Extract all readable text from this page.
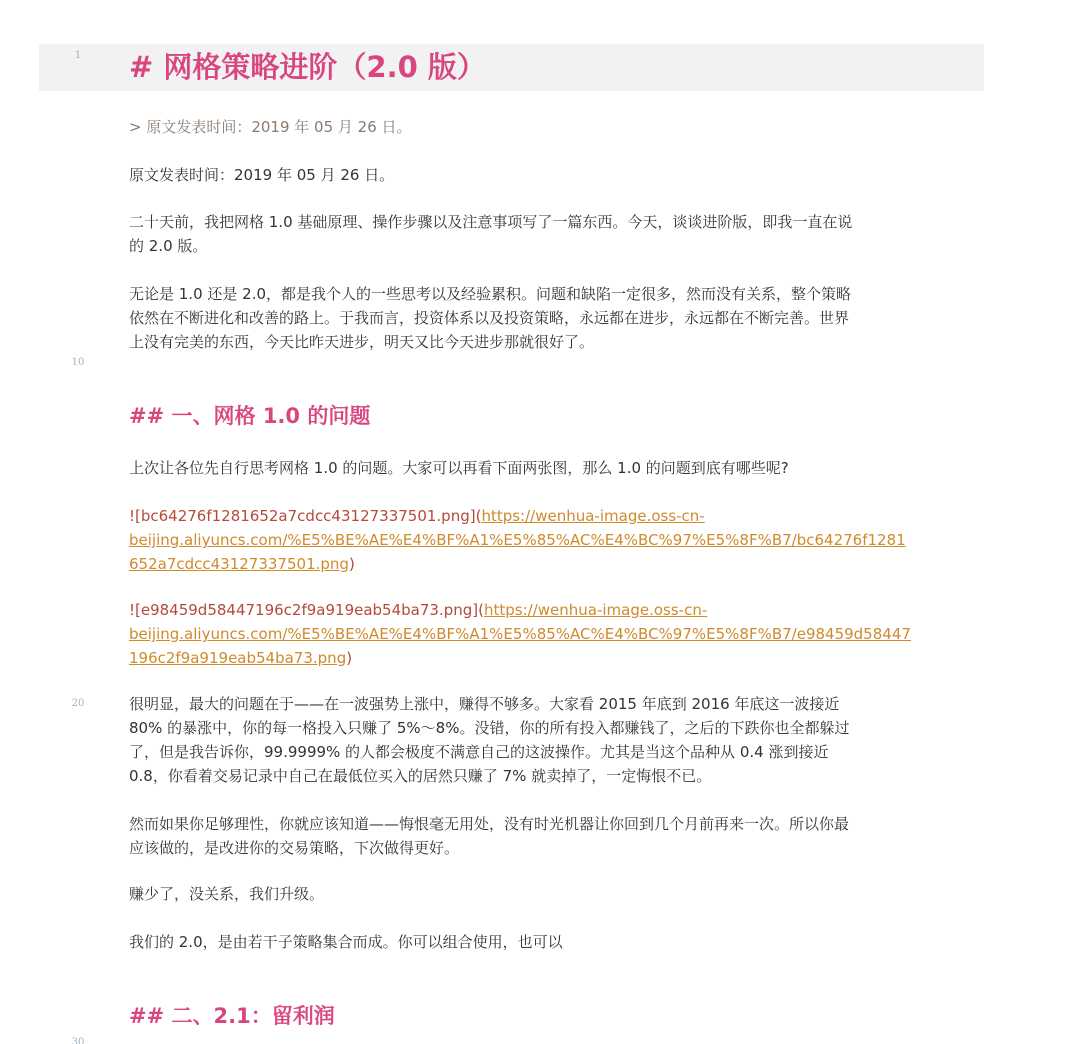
1
10
20
30
# 网格策略进阶（2.0 版）
> 原文发表时间：2019 年 05 月 26 日。
原文发表时间：2019 年 05 月 26 日。
二十天前，我把网格 1.0 基础原理、操作步骤以及注意事项写了一篇东西。今天，谈谈进阶版，即我一直在说
的 2.0 版。
无论是 1.0 还是 2.0，都是我个人的一些思考以及经验累积。问题和缺陷一定很多，然而没有关系，整个策略
依然在不断进化和改善的路上。于我而言，投资体系以及投资策略，永远都在进步，永远都在不断完善。世界
上没有完美的东西，今天比昨天进步，明天又比今天进步那就很好了。
## 一、网格 1.0 的问题
上次让各位先自行思考网格 1.0 的问题。大家可以再看下面两张图，那么 1.0 的问题到底有哪些呢?
![bc64276f1281652a7cdcc43127337501.png](https://wenhua-image.oss-cn-
beijing.aliyuncs.com/%E5%BE%AE%E4%BF%A1%E5%85%AC%E4%BC%97%E5%8F%B7/bc64276f1281
652a7cdcc43127337501.png)
![e98459d58447196c2f9a919eab54ba73.png](https://wenhua-image.oss-cn-
beijing.aliyuncs.com/%E5%BE%AE%E4%BF%A1%E5%85%AC%E4%BC%97%E5%8F%B7/e98459d58447
196c2f9a919eab54ba73.png)
很明显，最大的问题在于——在一波强势上涨中，赚得不够多。大家看 2015 年底到 2016 年底这一波接近
80% 的暴涨中，你的每一格投入只赚了 5%～8%。没错，你的所有投入都赚钱了，之后的下跌你也全都躲过
了，但是我告诉你，99.9999% 的人都会极度不满意自己的这波操作。尤其是当这个品种从 0.4 涨到接近
0.8，你看着交易记录中自己在最低位买入的居然只赚了 7% 就卖掉了，一定悔恨不已。
然而如果你足够理性，你就应该知道——悔恨毫无用处，没有时光机器让你回到几个月前再来一次。所以你最
应该做的，是改进你的交易策略，下次做得更好。
赚少了，没关系，我们升级。
我们的 2.0，是由若干子策略集合而成。你可以组合使用，也可以
## 二、2.1：留利润
